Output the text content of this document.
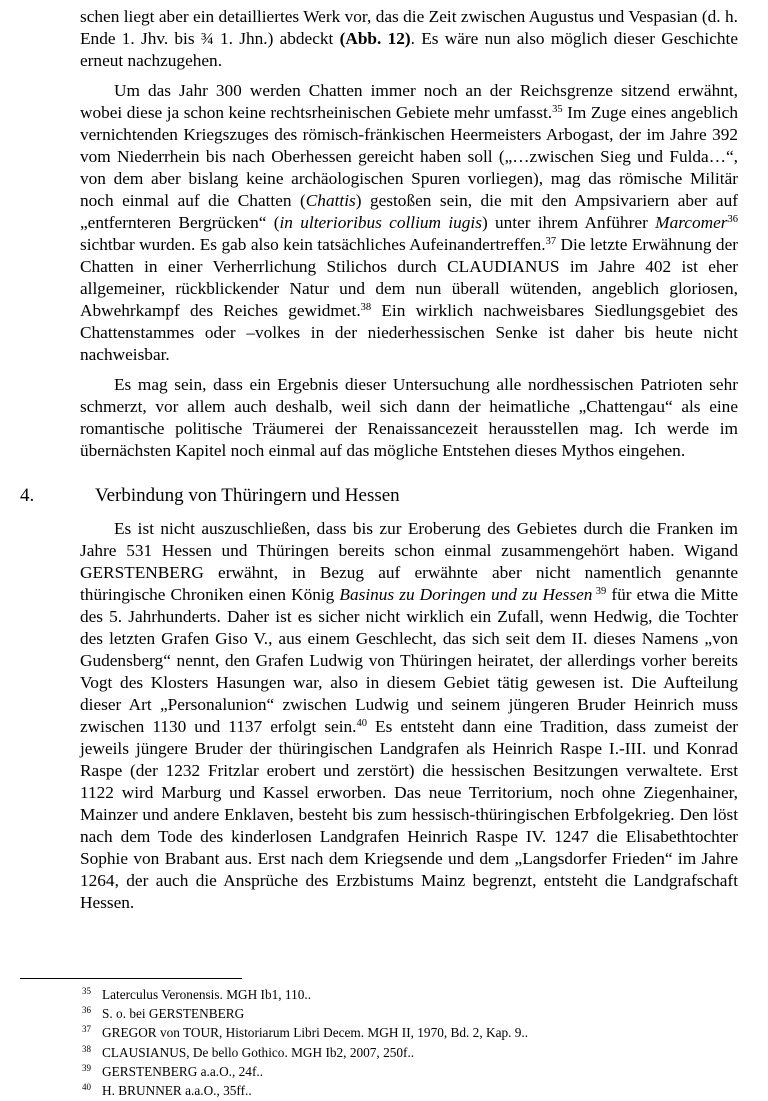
schen liegt aber ein detailliertes Werk vor, das die Zeit zwischen Augustus und Vespasian (d. h. Ende 1. Jhv. bis ¾ 1. Jhn.) abdeckt (Abb. 12). Es wäre nun also möglich dieser Geschichte erneut nachzugehen.

Um das Jahr 300 werden Chatten immer noch an der Reichsgrenze sitzend erwähnt, wobei diese ja schon keine rechtsrheinischen Gebiete mehr umfasst.$^{35}$ Im Zuge eines angeblich vernichtenden Kriegszuges des römisch-fränkischen Heermeisters Arbogast, der im Jahre 392 vom Niederrhein bis nach Oberhessen gereicht haben soll („…zwischen Sieg und Fulda…“, von dem aber bislang keine archäologischen Spuren vorliegen), mag das römische Militär noch einmal auf die Chatten (Chattis) gestoßen sein, die mit den Ampsivariern aber auf „entfernteren Bergrücken“ (in ulterioribus collium iugis) unter ihrem Anführer Marcomer$^{36}$ sichtbar wurden. Es gab also kein tatsächliches Aufeinandertreffen.$^{37}$ Die letzte Erwähnung der Chatten in einer Verherrlichung Stilichos durch CLAUDIANUS im Jahre 402 ist eher allgemeiner, rückblickender Natur und dem nun überall wütenden, angeblich gloriosen, Abwehrkampf des Reiches gewidmet.$^{38}$ Ein wirklich nachweisbares Siedlungsgebiet des Chattenstammes oder –volkes in der niederhessischen Senke ist daher bis heute nicht nachweisbar.

Es mag sein, dass ein Ergebnis dieser Untersuchung alle nordhessischen Patrioten sehr schmerzt, vor allem auch deshalb, weil sich dann der heimatliche „Chattengau“ als eine romantische politische Träumerei der Renaissancezeit herausstellen mag. Ich werde im übernächsten Kapitel noch einmal auf das mögliche Entstehen dieses Mythos eingehen.

4.	Verbindung von Thüringern und Hessen

Es ist nicht auszuschließen, dass bis zur Eroberung des Gebietes durch die Franken im Jahre 531 Hessen und Thüringen bereits schon einmal zusammengehört haben. Wigand GERSTENBERG erwähnt, in Bezug auf erwähnte aber nicht namentlich genannte thüringische Chroniken einen König Basinus zu Doringen und zu Hessen $^{39}$ für etwa die Mitte des 5. Jahrhunderts. Daher ist es sicher nicht wirklich ein Zufall, wenn Hedwig, die Tochter des letzten Grafen Giso V., aus einem Geschlecht, das sich seit dem II. dieses Namens „von Gudensberg“ nennt, den Grafen Ludwig von Thüringen heiratet, der allerdings vorher bereits Vogt des Klosters Hasungen war, also in diesem Gebiet tätig gewesen ist. Die Aufteilung dieser Art „Personalunion“ zwischen Ludwig und seinem jüngeren Bruder Heinrich muss zwischen 1130 und 1137 erfolgt sein.$^{40}$ Es entsteht dann eine Tradition, dass zumeist der jeweils jüngere Bruder der thüringischen Landgrafen als Heinrich Raspe I.-III. und Konrad Raspe (der 1232 Fritzlar erobert und zerstört) die hessischen Besitzungen verwaltete. Erst 1122 wird Marburg und Kassel erworben. Das neue Territorium, noch ohne Ziegenhainer, Mainzer und andere Enklaven, besteht bis zum hessisch-thüringischen Erbfolgekrieg. Den löst nach dem Tode des kinderlosen Landgrafen Heinrich Raspe IV. 1247 die Elisabethtochter Sophie von Brabant aus. Erst nach dem Kriegsende und dem „Langsdorfer Frieden“ im Jahre 1264, der auch die Ansprüche des Erzbistums Mainz begrenzt, entsteht die Landgrafschaft Hessen.

35 Laterculus Veronensis. MGH Ib1, 110..
36 S. o. bei GERSTENBERG
37 GREGOR von TOUR, Historiarum Libri Decem. MGH II, 1970, Bd. 2, Kap. 9..
38 CLAUSIANUS, De bello Gothico. MGH Ib2, 2007, 250f..
39 GERSTENBERG a.a.O., 24f..
40 H. BRUNNER a.a.O., 35ff..
